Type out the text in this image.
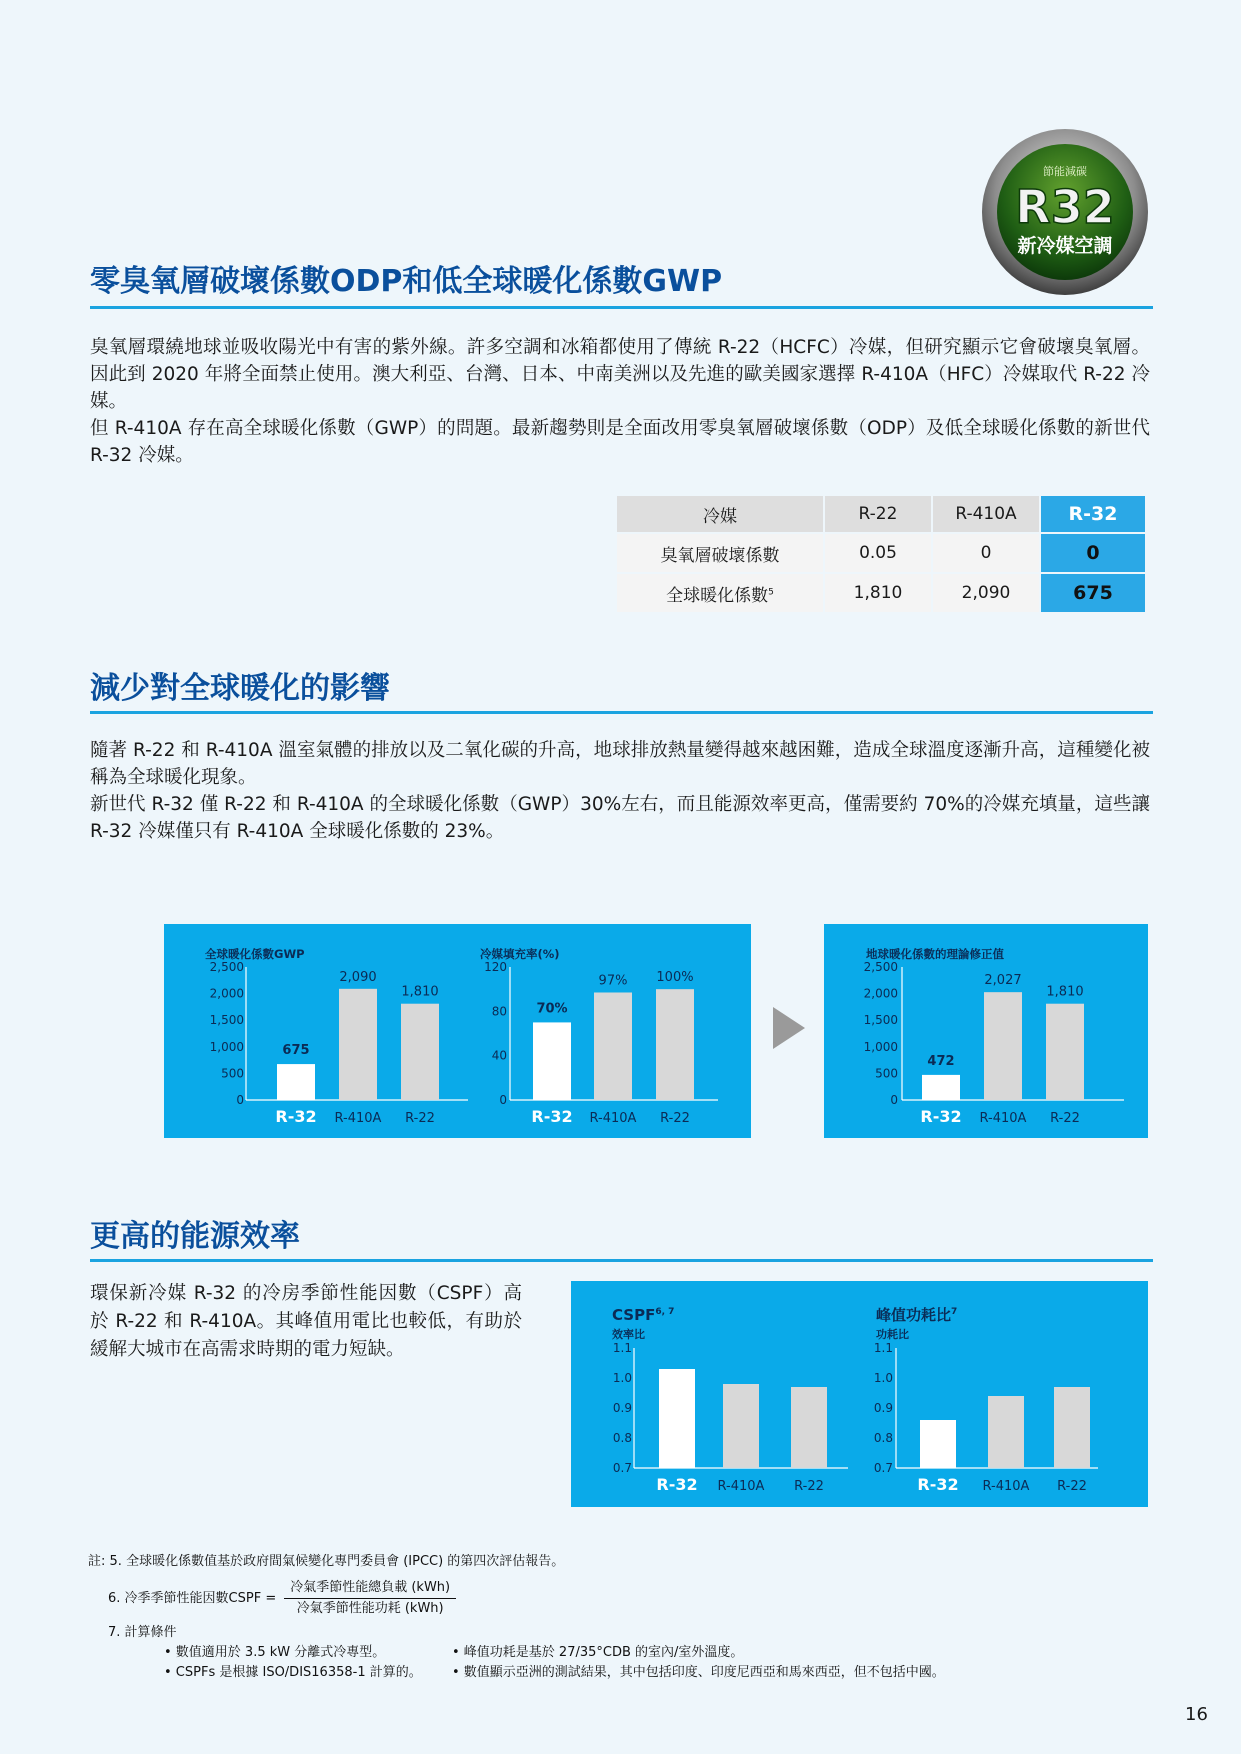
節能減碳
R32
新冷媒空調
零臭氧層破壞係數ODP和低全球暖化係數GWP

臭氧層環繞地球並吸收陽光中有害的紫外線。許多空調和冰箱都使用了傳統 R-22（HCFC）冷媒，但研究顯示它會破壞臭氧層。因此到 2020 年將全面禁止使用。澳大利亞、台灣、日本、中南美洲以及先進的歐美國家選擇 R-410A（HFC）冷媒取代 R-22 冷媒。

但 R-410A 存在高全球暖化係數（GWP）的問題。最新趨勢則是全面改用零臭氧層破壞係數（ODP）及低全球暖化係數的新世代 R-32 冷媒。

冷媒	R-22	R-410A	R-32
臭氧層破壞係數	0.05	0	0
全球暖化係數$^5$	1,810	2,090	675
減少對全球暖化的影響

隨著 R-22 和 R-410A 溫室氣體的排放以及二氧化碳的升高，地球排放熱量變得越來越困難，造成全球溫度逐漸升高，這種變化被稱為全球暖化現象。

新世代 R-32 僅 R-22 和 R-410A 的全球暖化係數（GWP）30%左右，而且能源效率更高，僅需要約 70%的冷媒充填量，這些讓 R-32 冷媒僅只有 R-410A 全球暖化係數的 23%。

全球暖化係數GWP
2,500
2,000
1,500
1,000
500
0
675
R-32
2,090
R-410A
1,810
R-22
冷媒填充率(%)
120
80
40
0
70%
R-32
97%
R-410A
100%
R-22
地球暖化係數的理論修正值
2,500
2,000
1,500
1,000
500
0
472
R-32
2,027
R-410A
1,810
R-22
CSPF$^{6, 7}$
效率比
1.1
1.0
0.9
0.8
0.7
R-32 R-410A R-22
峰值功耗比$^7$
功耗比
1.1
1.0
0.9
0.8
0.7
R-32 R-410A R-22
更高的能源效率
環保新冷媒 R-32 的冷房季節性能因數（CSPF）高於 R-22 和 R-410A。其峰值用電比也較低，有助於緩解大城市在高需求時期的電力短缺。
註: 5. 全球暖化係數值基於政府間氣候變化專門委員會 (IPCC) 的第四次評估報告。
6. 冷季季節性能因數CSPF =
冷氣季節性能總負載 (kWh)
冷氣季節性能功耗 (kWh)
7. 計算條件
• 數值適用於 3.5 kW 分離式冷專型。
• CSPFs 是根據 ISO/DIS16358-1 計算的。
• 峰值功耗是基於 27/35°CDB 的室內/室外溫度。
• 數值顯示亞洲的測試結果，其中包括印度、印度尼西亞和馬來西亞，但不包括中國。
16
